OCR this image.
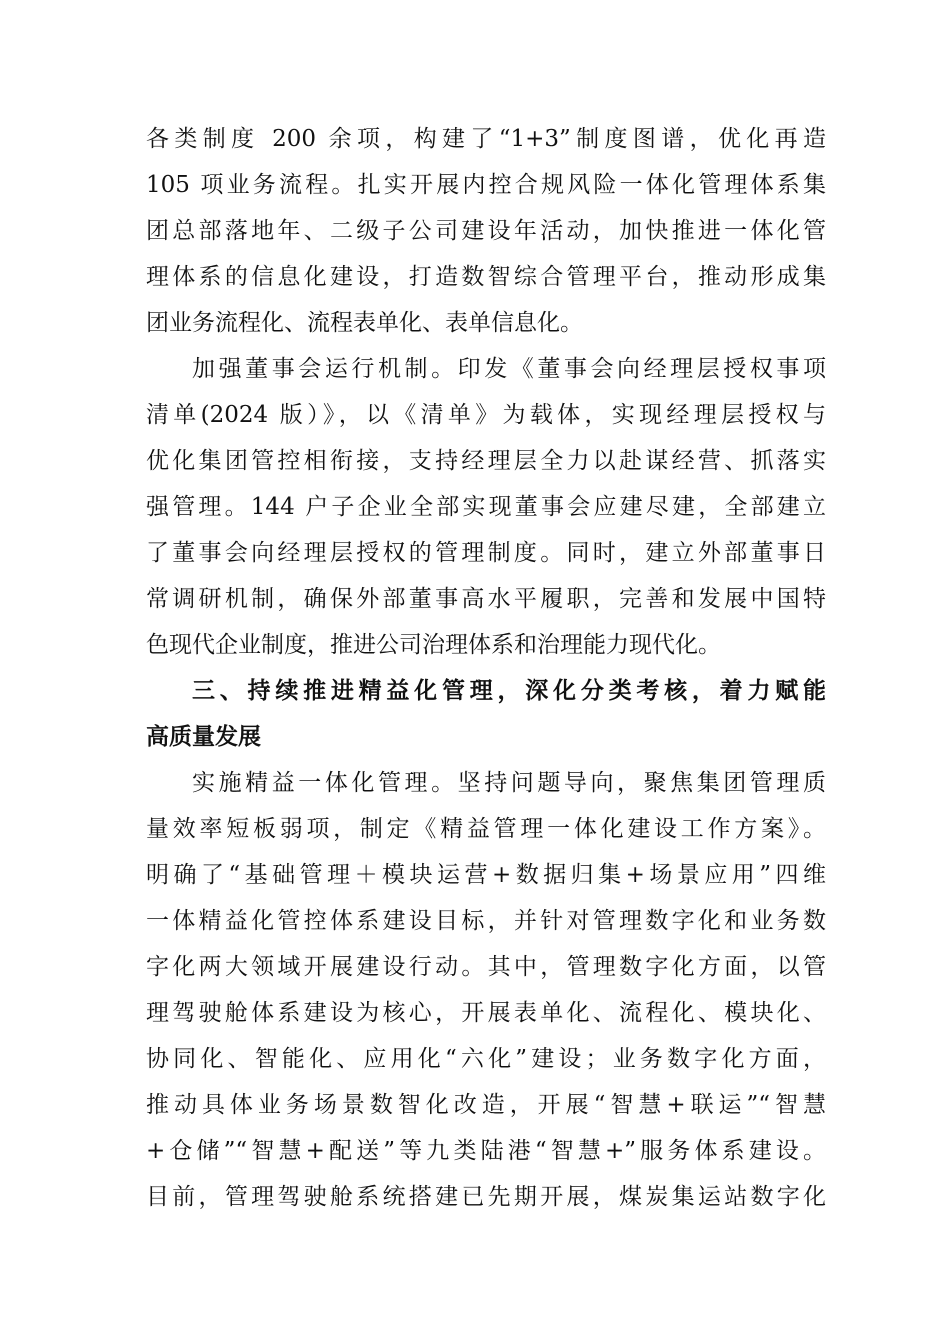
各类制度 200 余项，构建了“1+3”制度图谱，优化再造
105 项业务流程。扎实开展内控合规风险一体化管理体系集
团总部落地年、二级子公司建设年活动，加快推进一体化管
理体系的信息化建设，打造数智综合管理平台，推动形成集
团业务流程化、流程表单化、表单信息化。
加强董事会运行机制。印发《董事会向经理层授权事项
清单(2024 版）》，以《清单》为载体，实现经理层授权与
优化集团管控相衔接，支持经理层全力以赴谋经营、抓落实
强管理。144 户子企业全部实现董事会应建尽建，全部建立
了董事会向经理层授权的管理制度。同时，建立外部董事日
常调研机制，确保外部董事高水平履职，完善和发展中国特
色现代企业制度，推进公司治理体系和治理能力现代化。
三、持续推进精益化管理，深化分类考核，着力赋能
高质量发展
实施精益一体化管理。坚持问题导向，聚焦集团管理质
量效率短板弱项，制定《精益管理一体化建设工作方案》。
明确了“基础管理＋模块运营+数据归集+场景应用”四维
一体精益化管控体系建设目标，并针对管理数字化和业务数
字化两大领域开展建设行动。其中，管理数字化方面，以管
理驾驶舱体系建设为核心，开展表单化、流程化、模块化、
协同化、智能化、应用化“六化”建设；业务数字化方面，
推动具体业务场景数智化改造，开展“智慧+联运”“智慧
+仓储”“智慧+配送”等九类陆港“智慧+”服务体系建设。
目前，管理驾驶舱系统搭建已先期开展，煤炭集运站数字化
